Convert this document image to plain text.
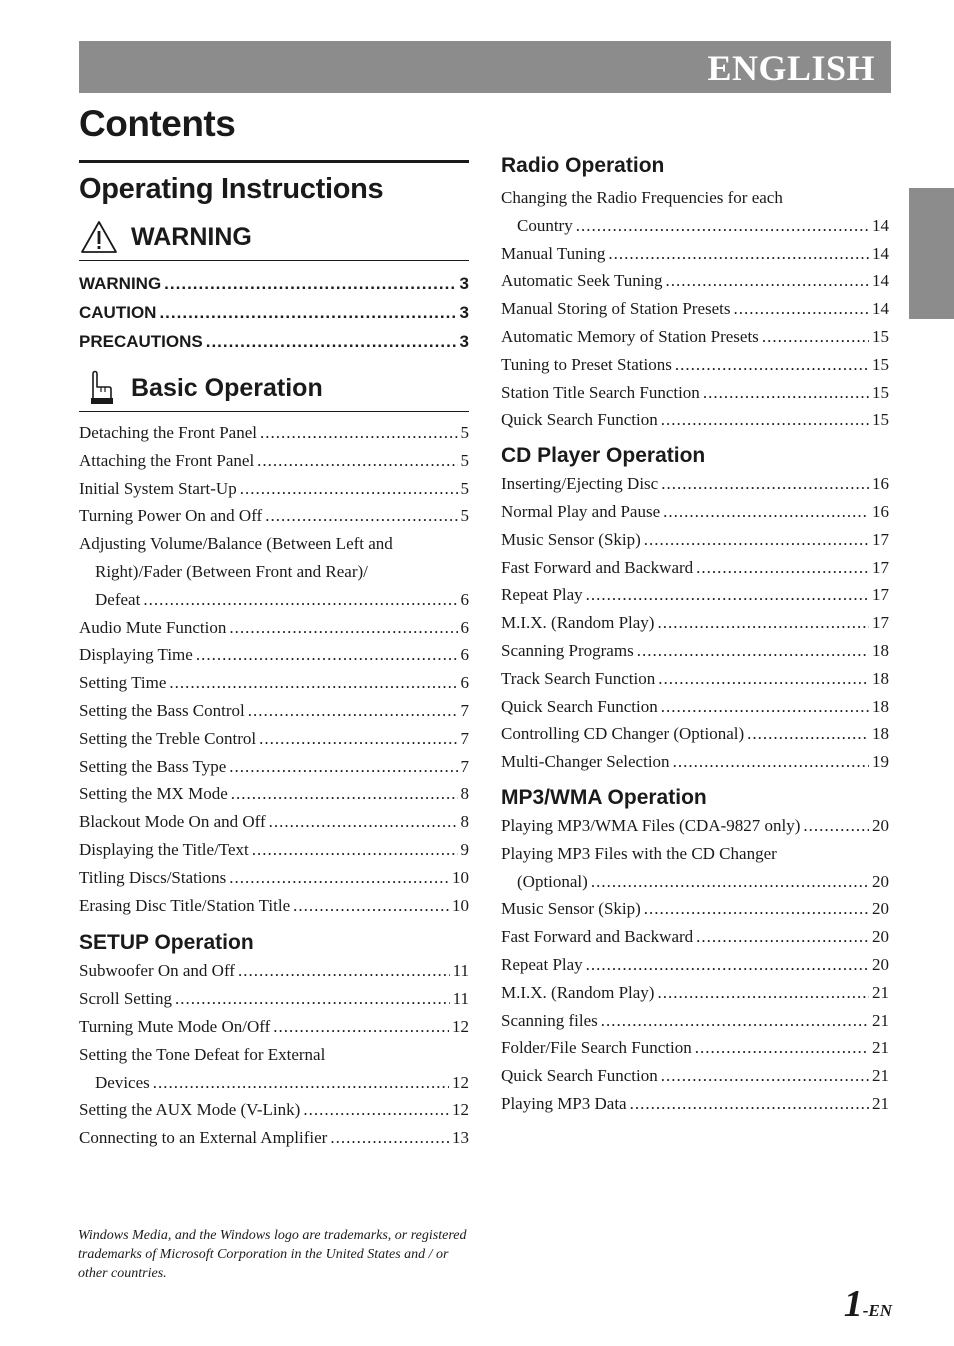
ENGLISH
Contents
Operating Instructions
WARNING
WARNING .....	3
CAUTION .....	3
PRECAUTIONS .....	3
Basic Operation
Detaching the Front Panel .....	5
Attaching the Front Panel .....	5
Initial System Start-Up .....	5
Turning Power On and Off .....	5
Adjusting Volume/Balance (Between Left and
Right)/Fader (Between Front and Rear)/
Defeat .....	6
Audio Mute Function .....	6
Displaying Time .....	6
Setting Time .....	6
Setting the Bass Control .....	7
Setting the Treble Control .....	7
Setting the Bass Type .....	7
Setting the MX Mode .....	8
Blackout Mode On and Off .....	8
Displaying the Title/Text .....	9
Titling Discs/Stations .....	10
Erasing Disc Title/Station Title .....	10
SETUP Operation
Subwoofer On and Off .....	11
Scroll Setting .....	11
Turning Mute Mode On/Off .....	12
Setting the Tone Defeat for External
Devices .....	12
Setting the AUX Mode (V-Link) .....	12
Connecting to an External Amplifier .....	13
Radio Operation
Changing the Radio Frequencies for each
Country .....	14
Manual Tuning .....	14
Automatic Seek Tuning .....	14
Manual Storing of Station Presets .....	14
Automatic Memory of Station Presets .....	15
Tuning to Preset Stations .....	15
Station Title Search Function .....	15
Quick Search Function .....	15
CD Player Operation
Inserting/Ejecting Disc .....	16
Normal Play and Pause .....	16
Music Sensor (Skip) .....	17
Fast Forward and Backward .....	17
Repeat Play .....	17
M.I.X. (Random Play) .....	17
Scanning Programs .....	18
Track Search Function .....	18
Quick Search Function .....	18
Controlling CD Changer (Optional) .....	18
Multi-Changer Selection .....	19
MP3/WMA Operation
Playing MP3/WMA Files (CDA-9827 only) .....	20
Playing MP3 Files with the CD Changer
(Optional) .....	20
Music Sensor (Skip) .....	20
Fast Forward and Backward .....	20
Repeat Play .....	20
M.I.X. (Random Play) .....	21
Scanning files .....	21
Folder/File Search Function .....	21
Quick Search Function .....	21
Playing MP3 Data .....	21

Windows Media, and the Windows logo are trademarks, or registered trademarks of Microsoft Corporation in the United States and / or other countries.

1-EN
